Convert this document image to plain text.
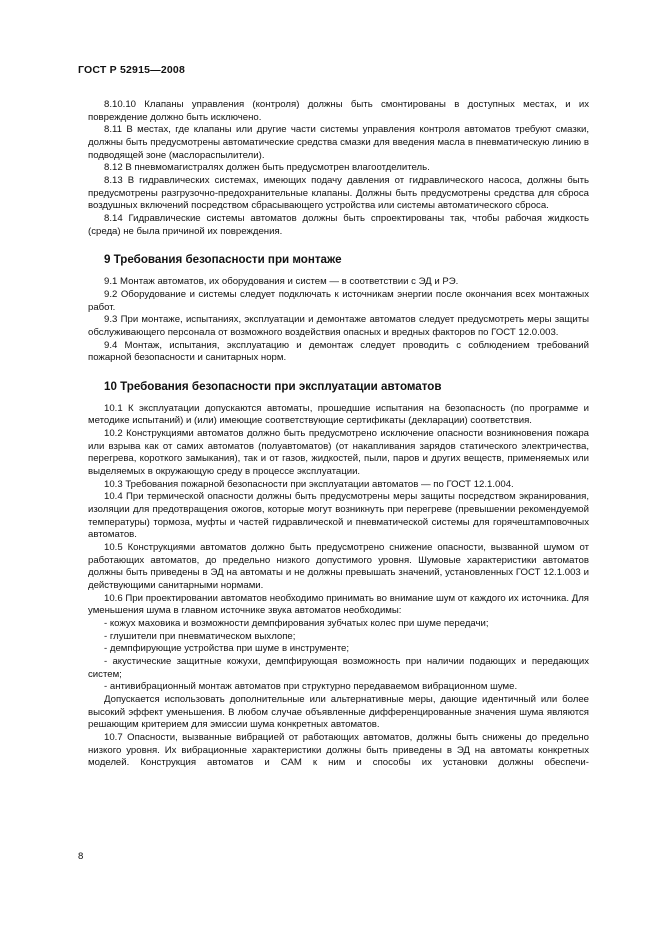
ГОСТ Р 52915—2008

8.10.10 Клапаны управления (контроля) должны быть смонтированы в доступных местах, и их повреждение должно быть исключено.

8.11 В местах, где клапаны или другие части системы управления контроля автоматов требуют смазки, должны быть предусмотрены автоматические средства смазки для введения масла в пневматическую линию в подводящей зоне (маслораспылители).

8.12 В пневмомагистралях должен быть предусмотрен влагоотделитель.

8.13 В гидравлических системах, имеющих подачу давления от гидравлического насоса, должны быть предусмотрены разгрузочно-предохранительные клапаны. Должны быть предусмотрены средства для сброса воздушных включений посредством сбрасывающего устройства или системы автоматического сброса.

8.14 Гидравлические системы автоматов должны быть спроектированы так, чтобы рабочая жидкость (среда) не была причиной их повреждения.

9 Требования безопасности при монтаже

9.1 Монтаж автоматов, их оборудования и систем — в соответствии с ЭД и РЭ.

9.2 Оборудование и системы следует подключать к источникам энергии после окончания всех монтажных работ.

9.3 При монтаже, испытаниях, эксплуатации и демонтаже автоматов следует предусмотреть меры защиты обслуживающего персонала от возможного воздействия опасных и вредных факторов по ГОСТ 12.0.003.

9.4 Монтаж, испытания, эксплуатацию и демонтаж следует проводить с соблюдением требований пожарной безопасности и санитарных норм.

10 Требования безопасности при эксплуатации автоматов

10.1 К эксплуатации допускаются автоматы, прошедшие испытания на безопасность (по программе и методике испытаний) и (или) имеющие соответствующие сертификаты (декларации) соответствия.

10.2 Конструкциями автоматов должно быть предусмотрено исключение опасности возникновения пожара или взрыва как от самих автоматов (полуавтоматов) (от накапливания зарядов статического электричества, перегрева, короткого замыкания), так и от газов, жидкостей, пыли, паров и других веществ, применяемых или выделяемых в окружающую среду в процессе эксплуатации.

10.3 Требования пожарной безопасности при эксплуатации автоматов — по ГОСТ 12.1.004.

10.4 При термической опасности должны быть предусмотрены меры защиты посредством экранирования, изоляции для предотвращения ожогов, которые могут возникнуть при перегреве (превышении рекомендуемой температуры) тормоза, муфты и частей гидравлической и пневматической системы для горячештамповочных автоматов.

10.5 Конструкциями автоматов должно быть предусмотрено снижение опасности, вызванной шумом от работающих автоматов, до предельно низкого допустимого уровня. Шумовые характеристики автоматов должны быть приведены в ЭД на автоматы и не должны превышать значений, установленных ГОСТ 12.1.003 и действующими санитарными нормами.

10.6 При проектировании автоматов необходимо принимать во внимание шум от каждого их источника. Для уменьшения шума в главном источнике звука автоматов необходимы:

- кожух маховика и возможности демпфирования зубчатых колес при шуме передачи;

- глушители при пневматическом выхлопе;

- демпфирующие устройства при шуме в инструменте;

- акустические защитные кожухи, демпфирующая возможность при наличии подающих и передающих систем;

- антивибрационный монтаж автоматов при структурно передаваемом вибрационном шуме.

Допускается использовать дополнительные или альтернативные меры, дающие идентичный или более высокий эффект уменьшения. В любом случае объявленные дифференцированные значения шума являются решающим критерием для эмиссии шума конкретных автоматов.

10.7 Опасности, вызванные вибрацией от работающих автоматов, должны быть снижены до предельно низкого уровня. Их вибрационные характеристики должны быть приведены в ЭД на автоматы конкретных моделей. Конструкция автоматов и САМ к ним и способы их установки должны обеспечи-

8
